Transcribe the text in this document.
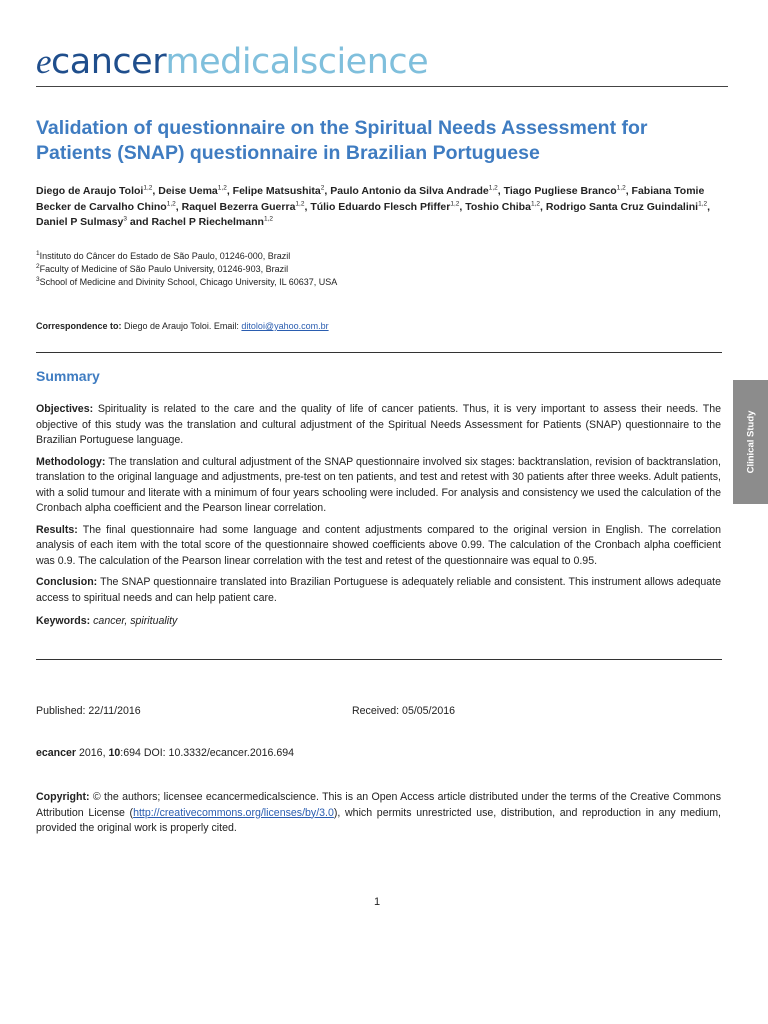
ecancermedicalscience
Clinical Study
Validation of questionnaire on the Spiritual Needs Assessment for Patients (SNAP) questionnaire in Brazilian Portuguese

Diego de Araujo Toloi$^{1,2}$, Deise Uema$^{1,2}$, Felipe Matsushita$^2$, Paulo Antonio da Silva Andrade$^{1,2}$, Tiago Pugliese Branco$^{1,2}$, Fabiana Tomie Becker de Carvalho Chino$^{1,2}$, Raquel Bezerra Guerra$^{1,2}$, Túlio Eduardo Flesch Pfiffer$^{1,2}$, Toshio Chiba$^{1,2}$, Rodrigo Santa Cruz Guindalini$^{1,2}$, Daniel P Sulmasy$^3$ and Rachel P Riechelmann$^{1,2}$

$^1$Instituto do Câncer do Estado de São Paulo, 01246-000, Brazil
$^2$Faculty of Medicine of São Paulo University, 01246-903, Brazil
$^3$School of Medicine and Divinity School, Chicago University, IL 60637, USA

Correspondence to: Diego de Araujo Toloi. Email: ditoloi@yahoo.com.br

Summary

Objectives: Spirituality is related to the care and the quality of life of cancer patients. Thus, it is very important to assess their needs. The objective of this study was the translation and cultural adjustment of the Spiritual Needs Assessment for Patients (SNAP) questionnaire to the Brazilian Portuguese language.

Methodology: The translation and cultural adjustment of the SNAP questionnaire involved six stages: backtranslation, revision of backtranslation, translation to the original language and adjustments, pre-test on ten patients, and test and retest with 30 patients after three weeks. Adult patients, with a solid tumour and literate with a minimum of four years schooling were included. For analysis and consistency we used the calculation of the Cronbach alpha coefficient and the Pearson linear correlation.

Results: The final questionnaire had some language and content adjustments compared to the original version in English. The correlation analysis of each item with the total score of the questionnaire showed coefficients above 0.99. The calculation of the Cronbach alpha coefficient was 0.9. The calculation of the Pearson linear correlation with the test and retest of the questionnaire was equal to 0.95.

Conclusion: The SNAP questionnaire translated into Brazilian Portuguese is adequately reliable and consistent. This instrument allows adequate access to spiritual needs and can help patient care.

Keywords: cancer, spirituality

Published: 22/11/2016	Received: 05/05/2016
ecancer 2016, 10:694 DOI: 10.3332/ecancer.2016.694

Copyright: © the authors; licensee ecancermedicalscience. This is an Open Access article distributed under the terms of the Creative Commons Attribution License (http://creativecommons.org/licenses/by/3.0), which permits unrestricted use, distribution, and reproduction in any medium, provided the original work is properly cited.

1
